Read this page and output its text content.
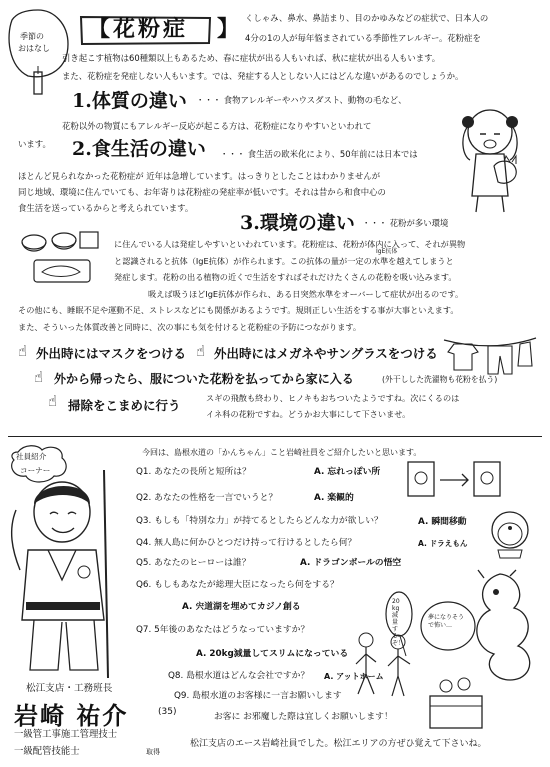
季節の
おはなし
【花粉症 】 くしゃみ、鼻水、鼻詰まり、目のかゆみなどの症状で、日本人の
4分の1の人が毎年悩まされている季節性アレルギー。花粉症を
引き起こす植物は60種類以上もあるため、春に症状が出る人もいれば、秋に症状が出る人もいます。
また、花粉症を発症しない人もいます。では、発症する人としない人にはどんな違いがあるのでしょうか。
1.体質の違い ・・・ 食物アレルギーやハウスダスト、動物の毛など、
花粉以外の物質にもアレルギー反応が起こる方は、花粉症になりやすいといわれて
います。 2.食生活の違い ・・・ 食生活の欧米化により、50年前には日本では
ほとんど見られなかった花粉症が 近年は急増しています。はっきりとしたことはわかりませんが
同じ地域、環境に住んでいても、お年寄りは花粉症の発症率が低いです。それは昔から和食中心の
食生活を送っているからと考えられています。
3.環境の違い ・・・ 花粉が多い環境
に住んでいる人は発症しやすいといわれています。花粉症は、花粉が体内に入って、それが異物
と認識されると抗体（IgE抗体）が作られます。この抗体の量が一定の水準を越えてしまうと
発症します。花粉の出る植物の近くで生活をすればそれだけたくさんの花粉を吸い込みます。
吸えば吸うほどIgE抗体が作られ、ある日突然水準をオーバーして症状が出るのです。
IgE抗体
その他にも、睡眠不足や運動不足、ストレスなどにも関係があるようです。規則正しい生活をする事が大事といえます。
また、そういった体質改善と同時に、次の事にも気を付けると花粉症の予防につながります。
☝ 外出時にはマスクをつける ☝ 外出時にはメガネやサングラスをつける
☝ 外から帰ったら、服についた花粉を払ってから家に入る	(外干しした洗濯物も花粉を払う)
☝ 掃除をこまめに行う	スギの飛散も終わり、ヒノキもおちついたようですね。次にくるのは
イネ科の花粉ですね。どうかお大事にして下さいませ。
社員紹介
コーナー
今回は、島根水道の「かんちゃん」こと岩崎社員をご紹介したいと思います。
Q1. あなたの長所と短所は？	A. 忘れっぽい所
Q2. あなたの性格を一言でいうと？	A. 楽観的
Q3. もしも「特別な力」が持てるとしたらどんな力が欲しい？	A. 瞬間移動
Q4. 無人島に何かひとつだけ持って行けるとしたら何？	A. ドラえもん
Q5. あなたのヒーローは誰？	A. ドラゴンボールの悟空
Q6. もしもあなたが総理大臣になったら何をする？
A. 宍道湖を埋めてカジノ創る
Q7. 5年後のあなたはどうなっていますか？
A. 20kg減量してスリムになっている
Q8. 島根水道はどんな会社ですか？ A. アットホーム
Q9. 島根水道のお客様に一言お願いします
お客に お邪魔した際は宜しくお願いします！
松江支店のエース岩崎社員でした。松江エリアの方ぜひ覚えて下さいね。
20kg減量するぞ！
夢になりそうで怖い…
松江支店・工務班長
岩崎 祐介	(35)
一級管工事施工管理技士
一級配管技能士	取得
